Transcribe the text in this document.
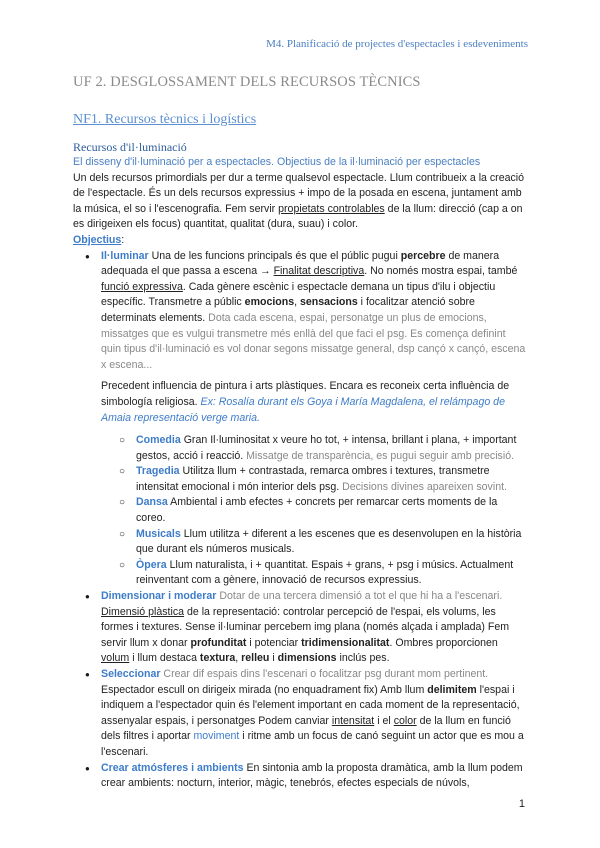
M4. Planificació de projectes d'espectacles i esdeveniments
UF 2. DESGLOSSAMENT DELS RECURSOS TÈCNICS
NF1. Recursos tècnics i logístics
Recursos d'il·luminació
El disseny d'il·luminació per a espectacles. Objectius de la il·luminació per espectacles
Un dels recursos primordials per dur a terme qualsevol espectacle. Llum contribueix a la creació de l'espectacle. És un dels recursos expressius + impo de la posada en escena, juntament amb la música, el so i l'escenografia. Fem servir propietats controlables de la llum: direcció (cap a on es dirigeixen els focus) quantitat, qualitat (dura, suau) i color.
Objectius:
● Il·luminar Una de les funcions principals és que el públic pugui percebre de manera adequada el que passa a escena → Finalitat descriptiva. No només mostra espai, també funció expressiva. Cada gènere escènic i espectacle demana un tipus d'ilu i objectiu específic. Transmetre a públic emocions, sensacions i focalitzar atenció sobre determinats elements. Dota cada escena, espai, personatge un plus de emocions, missatges que es vulgui transmetre més enllà del que faci el psg. Es comença definint quin tipus d'il·luminació es vol donar segons missatge general, dsp cançó x cançó, escena x escena...
Precedent influencia de pintura i arts plàstiques. Encara es reconeix certa influència de simbología religiosa. Ex: Rosalía durant els Goya i María Magdalena, el relámpago de Amaia representació verge maria.
○ Comedia Gran Il·luminositat x veure ho tot, + intensa, brillant i plana, + important gestos, acció i reacció. Missatge de transparència, es pugui seguir amb precisió.
○ Tragedia Utilitza llum + contrastada, remarca ombres i textures, transmetre intensitat emocional i món interior dels psg. Decisions divines apareixen sovint.
○ Dansa Ambiental i amb efectes + concrets per remarcar certs moments de la coreo.
○ Musicals Llum utilitza + diferent a les escenes que es desenvolupen en la història que durant els números musicals.
○ Òpera Llum naturalista, i + quantitat. Espais + grans, + psg i músics. Actualment reinventant com a gènere, innovació de recursos expressius.
● Dimensionar i moderar Dotar de una tercera dimensió a tot el que hi ha a l'escenari. Dimensió plàstica de la representació: controlar percepció de l'espai, els volums, les formes i textures. Sense il·luminar percebem img plana (només alçada i amplada) Fem servir llum x donar profunditat i potenciar tridimensionalitat. Ombres proporcionen volum i llum destaca textura, relleu i dimensions inclús pes.
● Seleccionar Crear dif espais dins l'escenari o focalitzar psg durant mom pertinent. Espectador escull on dirigeix mirada (no enquadrament fix) Amb llum delimitem l'espai i indiquem a l'espectador quin és l'element important en cada moment de la representació, assenyalar espais, i personatges Podem canviar intensitat i el color de la llum en funció dels filtres i aportar moviment i ritme amb un focus de canó seguint un actor que es mou a l'escenari.
● Crear atmósferes i ambients En sintonia amb la proposta dramàtica, amb la llum podem crear ambients: nocturn, interior, màgic, tenebrós, efectes especials de núvols,
1
